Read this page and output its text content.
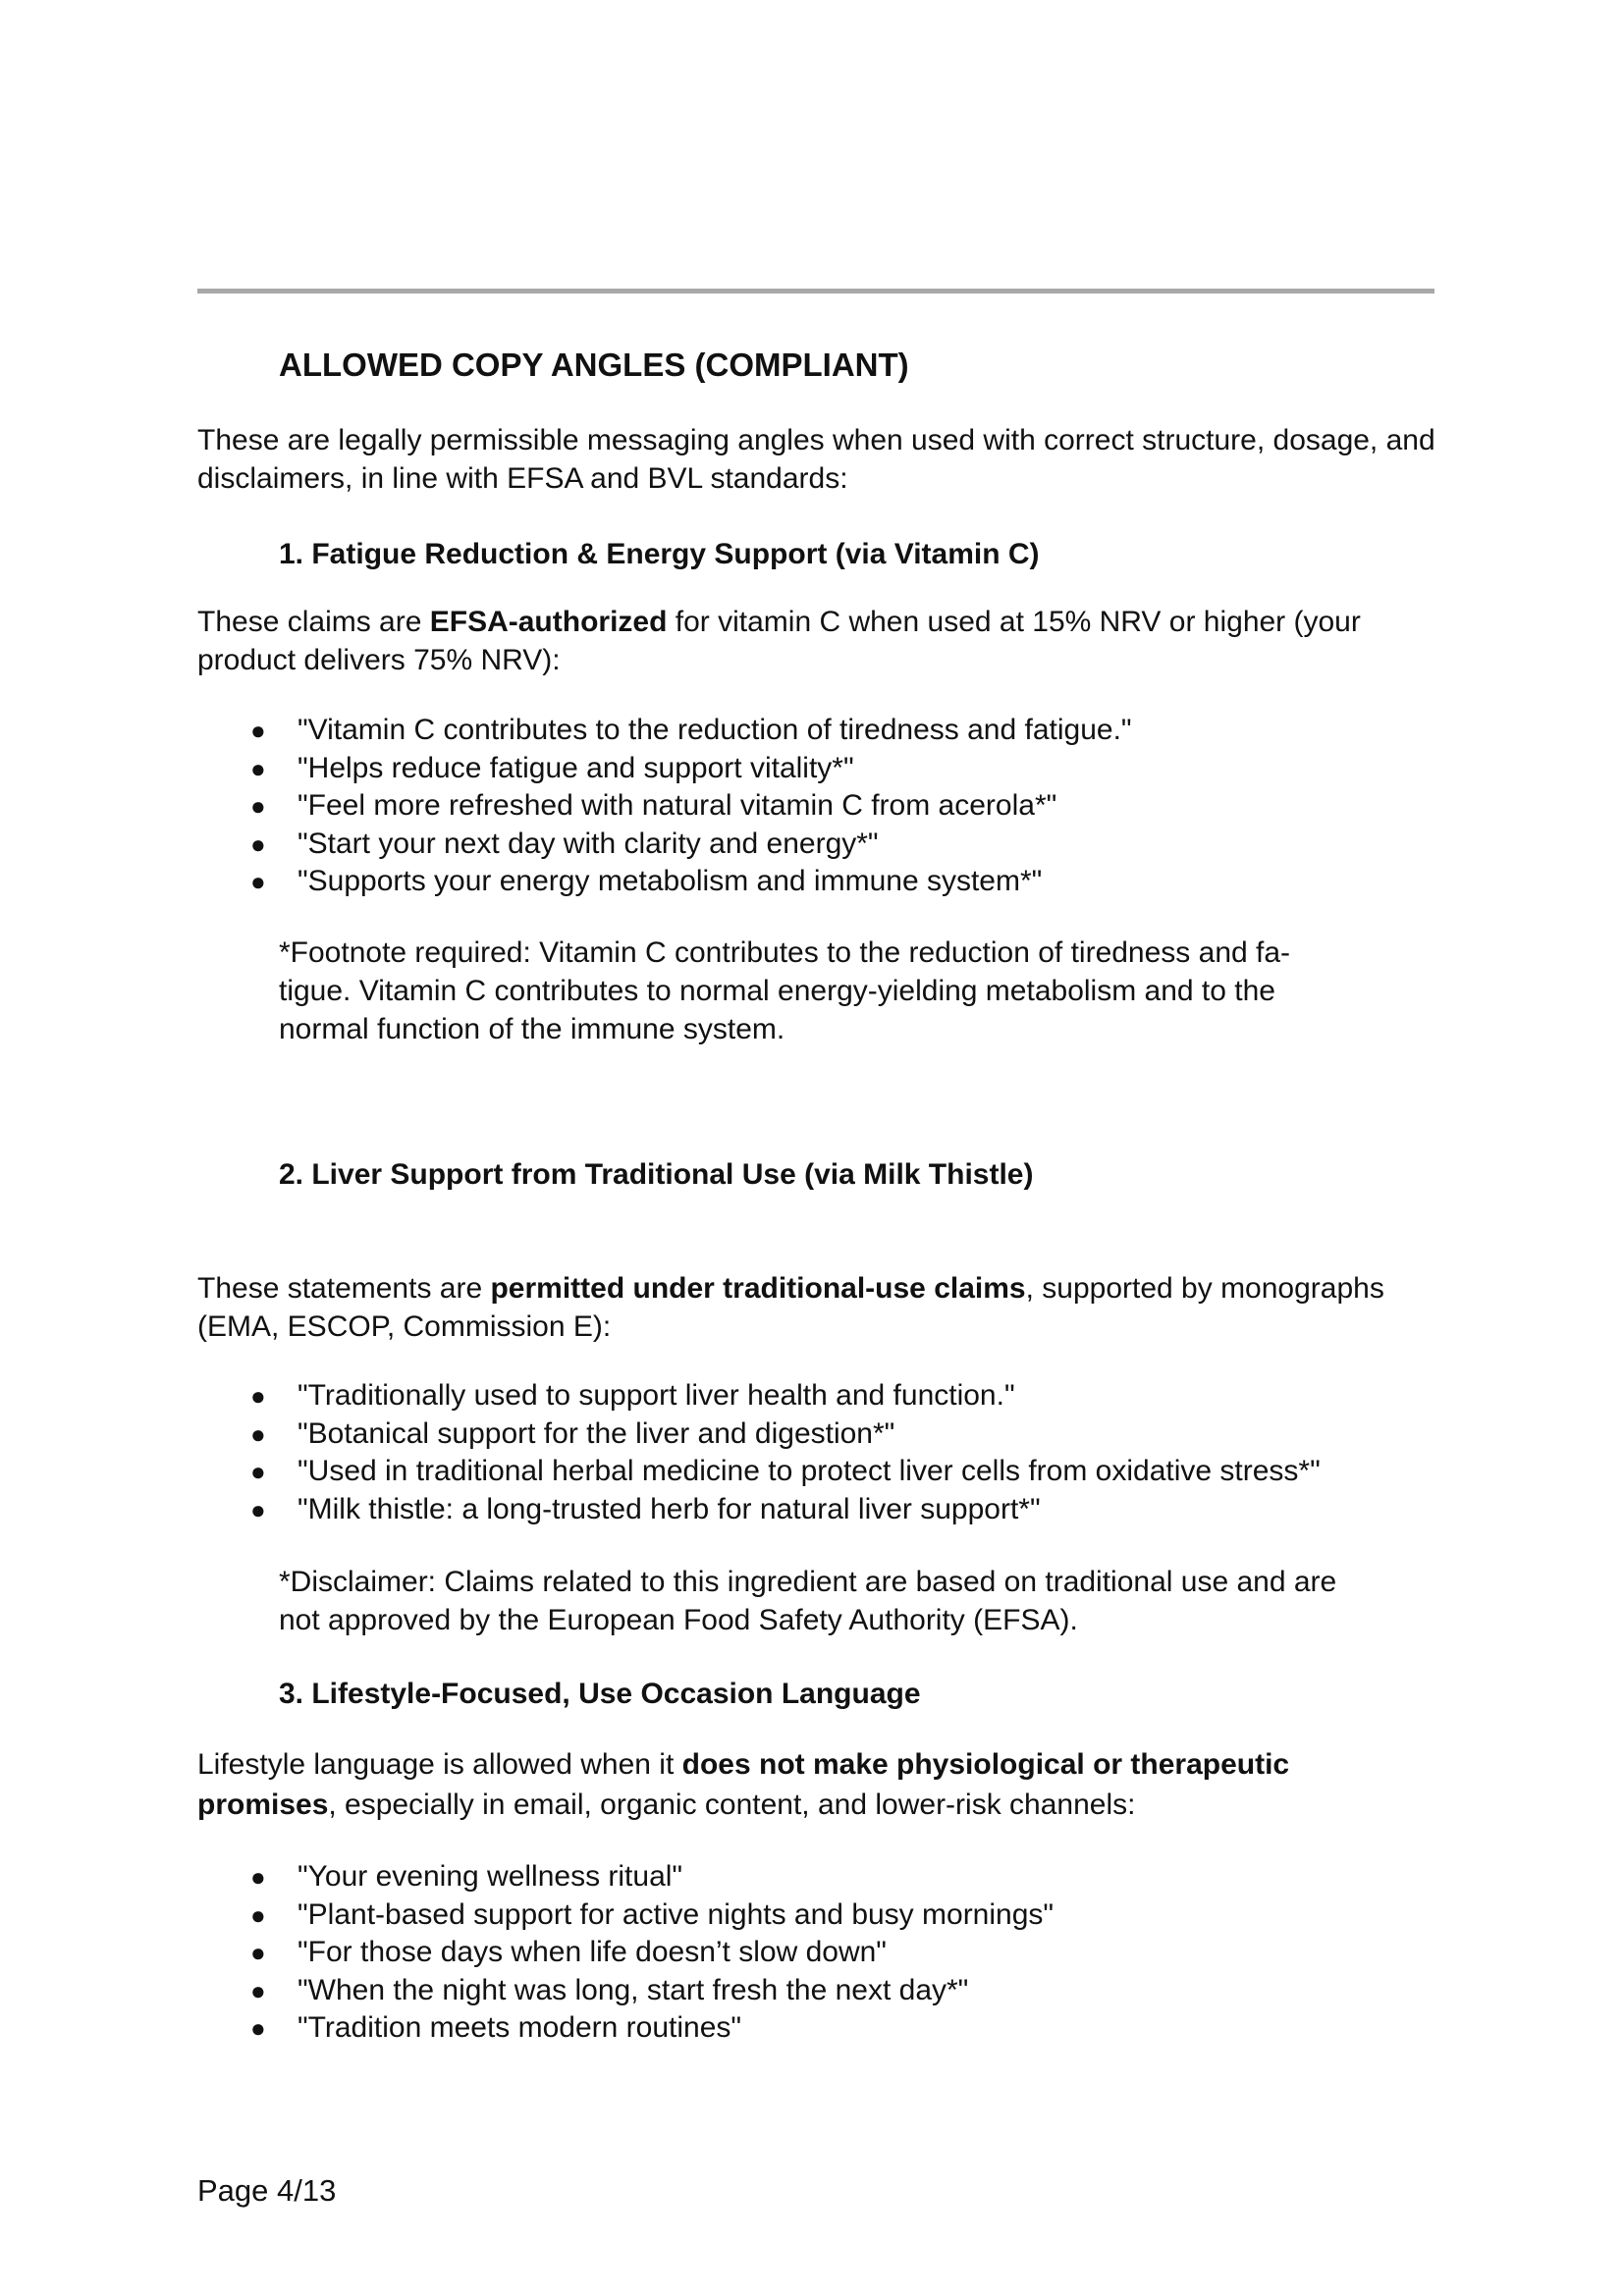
ALLOWED COPY ANGLES (COMPLIANT)

These are legally permissible messaging angles when used with correct structure, dosage, and disclaimers, in line with EFSA and BVL standards:

1. Fatigue Reduction & Energy Support (via Vitamin C)

These claims are EFSA-authorized for vitamin C when used at 15% NRV or higher (your product delivers 75% NRV):

● "Vitamin C contributes to the reduction of tiredness and fatigue."
● "Helps reduce fatigue and support vitality*"
● "Feel more refreshed with natural vitamin C from acerola*"
● "Start your next day with clarity and energy*"
● "Supports your energy metabolism and immune system*"

*Footnote required: Vitamin C contributes to the reduction of tiredness and fa- tigue. Vitamin C contributes to normal energy-yielding metabolism and to the normal function of the immune system.

2. Liver Support from Traditional Use (via Milk Thistle)

These statements are permitted under traditional-use claims, supported by monographs (EMA, ESCOP, Commission E):

● "Traditionally used to support liver health and function."
● "Botanical support for the liver and digestion*"
● "Used in traditional herbal medicine to protect liver cells from oxidative stress*"
● "Milk thistle: a long-trusted herb for natural liver support*"

*Disclaimer: Claims related to this ingredient are based on traditional use and are not approved by the European Food Safety Authority (EFSA).

3. Lifestyle-Focused, Use Occasion Language

Lifestyle language is allowed when it does not make physiological or therapeutic promises, especially in email, organic content, and lower-risk channels:

● "Your evening wellness ritual"
● "Plant-based support for active nights and busy mornings"
● "For those days when life doesn’t slow down"
● "When the night was long, start fresh the next day*"
● "Tradition meets modern routines"

Page 4/13
